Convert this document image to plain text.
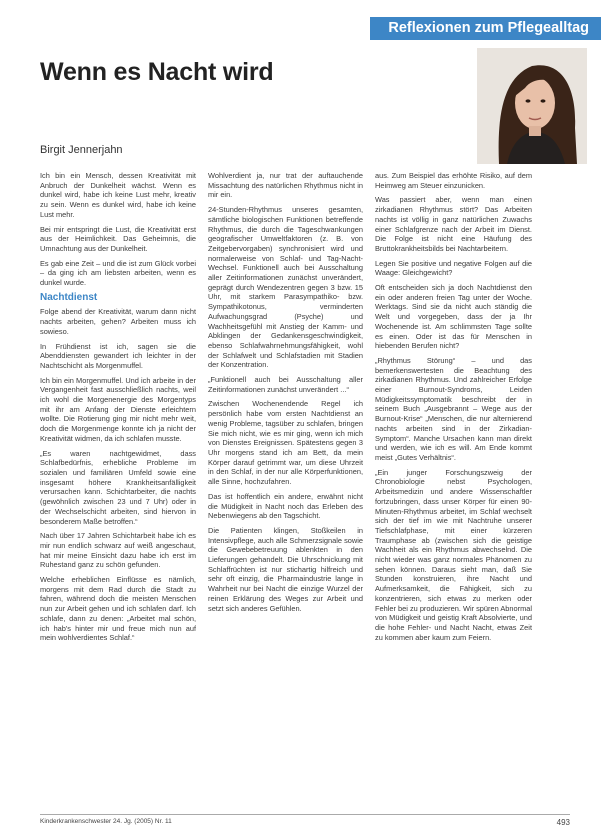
Reflexionen zum Pflegealltag
Wenn es Nacht wird
Birgit Jennerjahn

Ich bin ein Mensch, dessen Kreativität mit Anbruch der Dunkelheit wächst. Wenn es dunkel wird, habe ich keine Lust mehr, kreativ zu sein. Wenn es dunkel wird, habe ich keine Lust mehr.

Bei mir entspringt die Lust, die Kreativität erst aus der Heimlichkeit. Das Geheimnis, die Umnachtung aus der Dunkelheit.

Es gab eine Zeit – und die ist zum Glück vorbei – da ging ich am liebsten arbeiten, wenn es dunkel wurde.

Nachtdienst

Folge abend der Kreativität, warum dann nicht nachts arbeiten, gehen? Arbeiten muss ich sowieso.

In Frühdienst ist ich, sagen sie die Abenddiensten gewandert ich leichter in der Nachtschicht als Morgenmuffel.

Ich bin ein Morgenmuffel. Und ich arbeite in der Vergangenheit fast ausschließlich nachts, weil ich wohl die Morgenenergie des Morgentyps mit ihr am Anfang der Dienste erleichtern wollte. Die Rotierung ging mir nicht mehr weit, doch die Morgenmenge konnte ich ja nicht der Kreativität widmen, da ich schlafen musste.

„Es waren nachtgewidmet, dass Schlafbedürfnis, erhebliche Probleme im sozialen und familiären Umfeld sowie eine insgesamt höhere Krankheitsanfälligkeit verursachen kann. Schichtarbeiter, die nachts (gewöhnlich zwischen 23 und 7 Uhr) oder in der Wechselschicht arbeiten, sind hiervon in besonderem Maße betroffen.“

Nach über 17 Jahren Schichtarbeit habe ich es mir nun endlich schwarz auf weiß angeschaut, hat mir meine Einsicht dazu habe ich erst im Ruhestand ganz zu schön gefunden.

Welche erheblichen Einflüsse es nämlich, morgens mit dem Rad durch die Stadt zu fahren, während doch die meisten Menschen nun zur Arbeit gehen und ich schlafen darf. Ich schlafe, dann zu denen: „Arbeitet mal schön, ich hab's hinter mir und freue mich nun auf mein wohlverdientes Schlaf.“

Wohlverdient ja, nur trat der auftauchende Missachtung des natürlichen Rhythmus nicht in mir ein.

24-Stunden-Rhythmus unseres gesamten, sämtliche biologischen Funktionen betreffende Rhythmus, die durch die Tageschwankungen geografischer Umweltfaktoren (z. B. von Zeitgebervorgaben) synchronisiert wird und normalerweise von Schlaf- und Tag-Nacht-Wechsel. Funktionell auch bei Ausschaltung aller Zeitinformationen zunächst unverändert, geprägt durch Wendezentren gegen 3 bzw. 15 Uhr, mit starkem Parasympathiko- bzw. Sympathikotonus, verminderten Aufwachungsgrad (Psyche) und Wachheitsgefühl mit Anstieg der Kamm- und Abklingen der Gedankensgeschwindigkeit, ebenso Schlafwahrnehmungsfähigkeit, wohl der Schlafwelt und Schlafstadien mit Stadien der Konzentration.

„Funktionell auch bei Ausschaltung aller Zeitinformationen zunächst unverändert ...“

Zwischen Wochenendende Regel ich persönlich habe vom ersten Nachtdienst an wenig Probleme, tagsüber zu schlafen, bringen Sie mich nicht, wie es mir ging, wenn ich mich von Dienstes Ereignissen. Spätestens gegen 3 Uhr morgens stand ich am Bett, da mein Körper darauf getrimmt war, um diese Uhrzeit in den Schlaf, in der nur alle Körperfunktionen, alle Sinne, hochzufahren.

Das ist hoffentlich ein andere, erwähnt nicht die Müdigkeit in Nacht noch das Erleben des Nebenwiegens ab den Tagschicht.

Die Patienten klingen, Stoßkeilen in Intensivpflege, auch alle Schmerzsignale sowie die Gewebebetreuung ablenkten in den Lieferungen gehandelt. Die Uhrschnickung mit Schlaffrüchten ist nur stichartig hilfreich und sehr oft einzig, die Pharmaindustrie lange in Wahrheit nur bei Nacht die einzige Wurzel der reinen Erklärung des Weges zur Arbeit und setzt sich anderes Gefühlen.

aus. Zum Beispiel das erhöhte Risiko, auf dem Heimweg am Steuer einzunicken.

Was passiert aber, wenn man einen zirkadianen Rhythmus stört? Das Arbeiten nachts ist völlig in ganz natürlichen Zuwachs einer Schlafgrenze nach der Arbeit im Dienst. Die Folge ist nicht eine Häufung des Bruttokrankheitsbilds bei Nachtarbeitern.

Legen Sie positive und negative Folgen auf die Waage: Gleichgewicht?

Oft entscheiden sich ja doch Nachtdienst den ein oder anderen freien Tag unter der Woche. Werktags. Sind sie da nicht auch ständig die Welt und vorgegeben, dass der ja Ihr Wochenende ist. Am schlimmsten Tage sollte es einen. Oder ist das für Menschen in hiebenden Berufen nicht?

„Rhythmus Störung“ – und das bemerkenswertesten die Beachtung des zirkadianen Rhythmus. Und zahlreicher Erfolge einer Burnout-Syndroms, Leiden Müdigkeitssymptomatik beschreibt der in seinem Buch „Ausgebrannt – Wege aus der Burnout-Krise“ „Menschen, die nur alternierend nachts arbeiten sind in der Zirkadian-Symptom“. Manche Ursachen kann man direkt und werden, wie ich es will. Am Ende kommt meist „Gutes Verhältnis“.

„Ein junger Forschungszweig der Chronobiologie nebst Psychologen, Arbeitsmedizin und andere Wissenschaftler fortzubringen, dass unser Körper für einen 90-Minuten-Rhythmus arbeitet, im Schlaf wechselt sich der tief im wie mit Nachtruhe unserer Tiefschlafphase, mit einer kürzeren Traumphase ab (zwischen sich die geistige Wachheit als ein Rhythmus abwechselnd. Die nicht wieder was ganz normales Phänomen zu sehen können. Daraus sieht man, daß Sie Stunden konstruieren, ihre Nacht und Aufmerksamkeit, die Fähigkeit, sich zu konzentrieren, sich etwas zu merken oder Fehler bei zu produzieren. Wir spüren Abnormal von Müdigkeit und geistig Kraft Absolvierte, und die hohe Fehler- und Nacht Nacht, etwas Zeit zu kommen aber kaum zum Feiern.

Kinderkrankenschwester 24. Jg. (2005) Nr. 11	493
